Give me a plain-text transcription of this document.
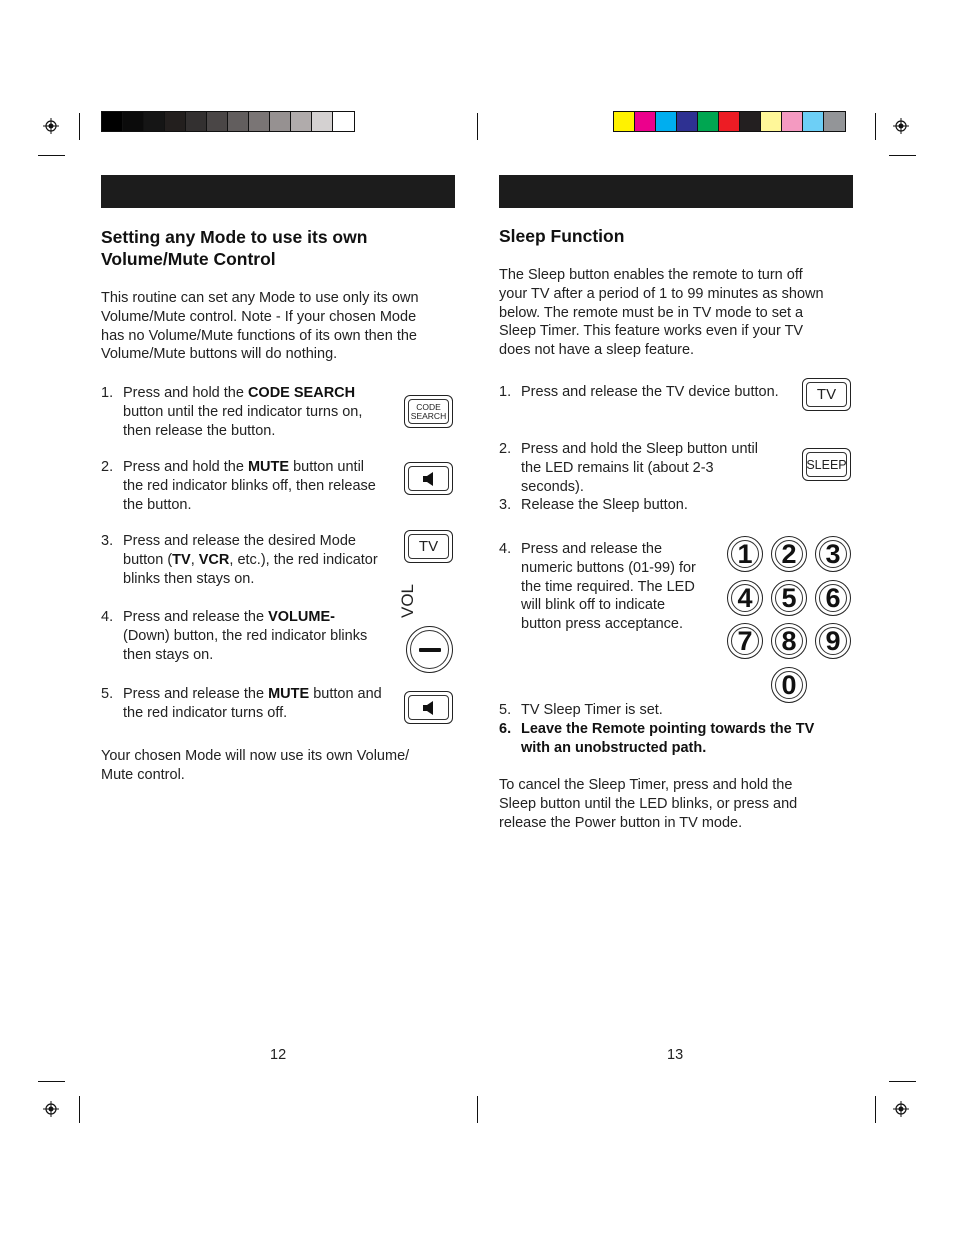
Setting any Mode to use its own
Volume/Mute Control
This routine can set any Mode to use only its own
Volume/Mute control. Note - If your chosen Mode
has no Volume/Mute functions of its own then the
Volume/Mute buttons will do nothing.
1. Press and hold the CODE SEARCH
button until the red indicator turns on,
then release the button.
2. Press and hold the MUTE button until
the red indicator blinks off, then release
the button.
3. Press and release the desired Mode
button (TV, VCR, etc.), the red indicator
blinks then stays on.
4. Press and release the VOLUME-
(Down) button, the red indicator blinks
then stays on.
5. Press and release the MUTE button and
the red indicator turns off.
Your chosen Mode will now use its own Volume/
Mute control.
CODE
SEARCH
TV
VOL
12
Sleep Function
The Sleep button enables the remote to turn off
your TV after a period of 1 to 99 minutes as shown
below. The remote must be in TV mode to set a
Sleep Timer. This feature works even if your TV
does not have a sleep feature.
1. Press and release the TV device button.
2. Press and hold the Sleep button until
the LED remains lit (about 2-3
seconds).
3. Release the Sleep button.
4. Press and release the
numeric buttons (01-99) for
the time required. The LED
will blink off to indicate
button press acceptance.
5. TV Sleep Timer is set.
6. Leave the Remote pointing towards the TV
with an unobstructed path.
To cancel the Sleep Timer, press and hold the
Sleep button until the LED blinks, or press and
release the Power button in TV mode.
TV
SLEEP
1 2 3
4 5 6
7 8 9
0
13
